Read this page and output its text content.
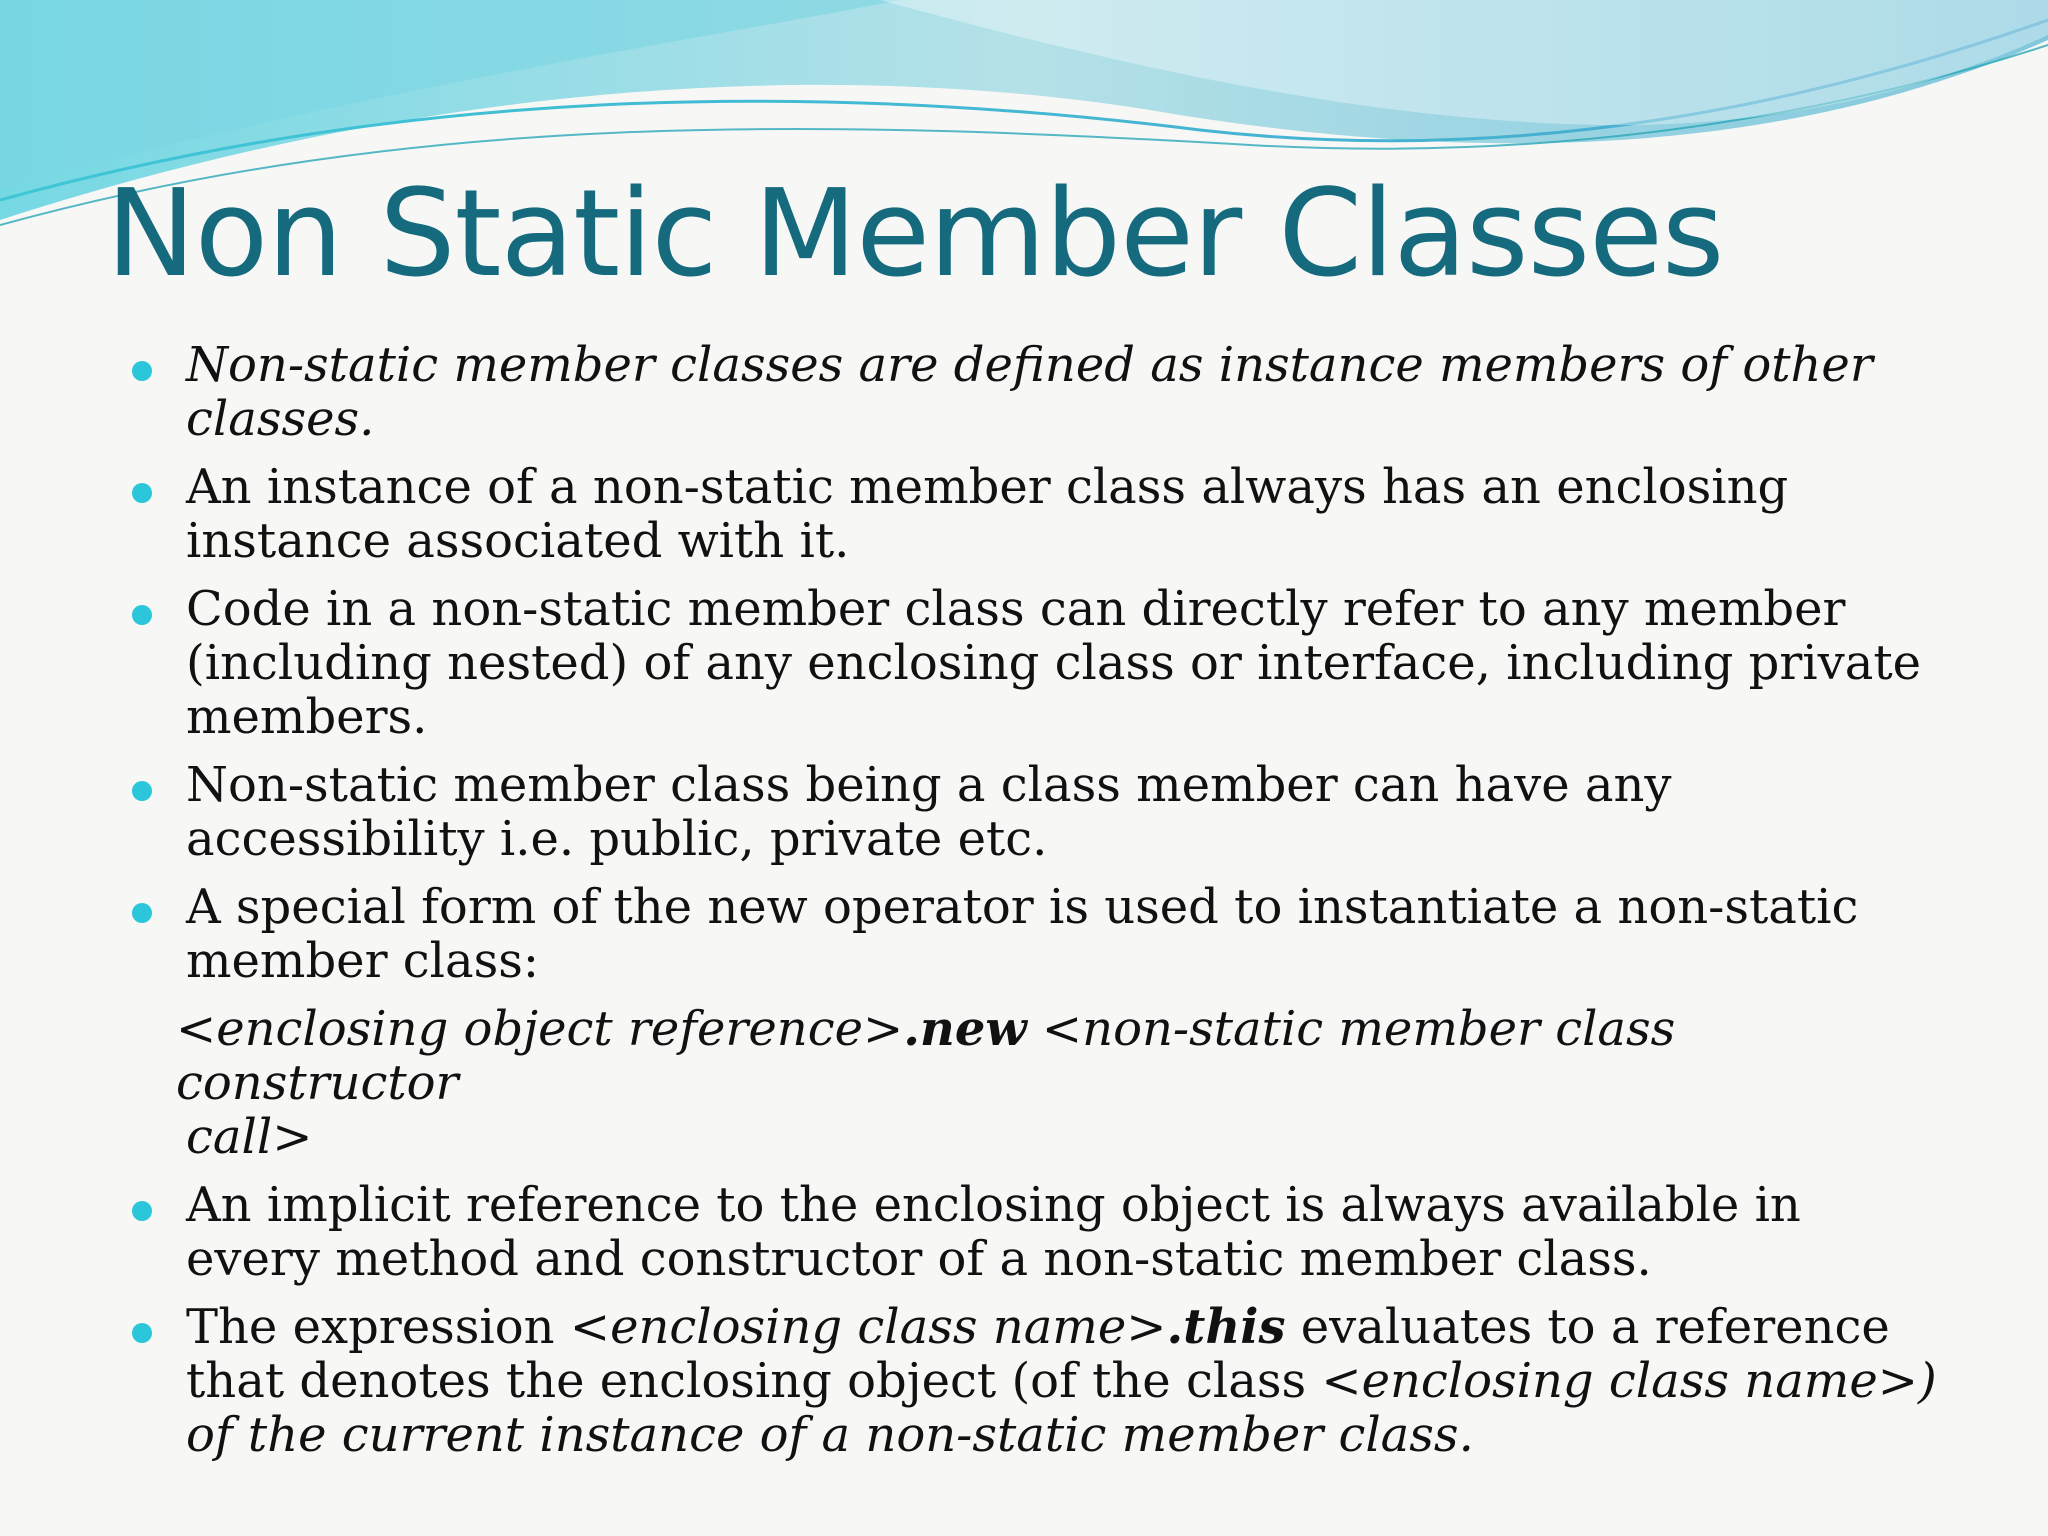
Non Static Member Classes
Non-static member classes are defined as instance members of other classes.
An instance of a non-static member class always has an enclosing instance associated with it.
Code in a non-static member class can directly refer to any member (including nested) of any enclosing class or interface, including private members.
Non-static member class being a class member can have any accessibility i.e. public, private etc.
A special form of the new operator is used to instantiate a non-static member class:
<enclosing object reference>.new <non-static member class constructor
call>
An implicit reference to the enclosing object is always available in every method and constructor of a non-static member class.
The expression <enclosing class name>.this evaluates to a reference that denotes the enclosing object (of the class <enclosing class name>) of the current instance of a non-static member class.
